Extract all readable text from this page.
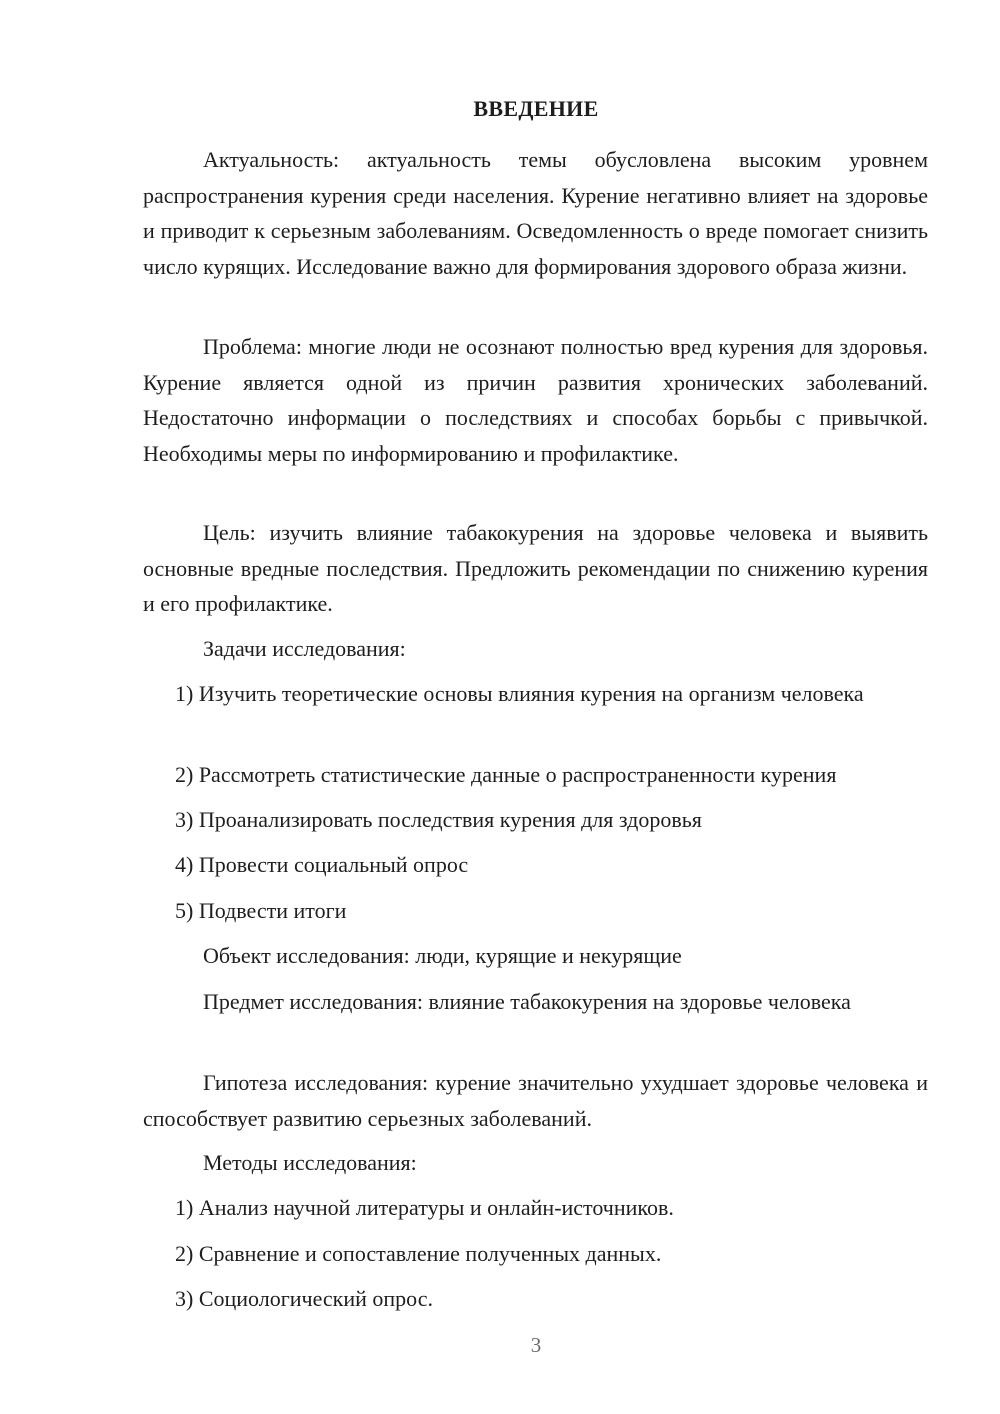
ВВЕДЕНИЕ

Актуальность: актуальность темы обусловлена высоким уровнем распространения курения среди населения. Курение негативно влияет на здоровье и приводит к серьезным заболеваниям. Осведомленность о вреде помогает снизить число курящих. Исследование важно для формирования здорового образа жизни.

Проблема: многие люди не осознают полностью вред курения для здоровья. Курение является одной из причин развития хронических заболеваний. Недостаточно информации о последствиях и способах борьбы с привычкой. Необходимы меры по информированию и профилактике.

Цель: изучить влияние табакокурения на здоровье человека и выявить основные вредные последствия. Предложить рекомендации по снижению курения и его профилактике.

Задачи исследования:

1) Изучить теоретические основы влияния курения на организм человека

2) Рассмотреть статистические данные о распространенности курения

3) Проанализировать последствия курения для здоровья

4) Провести социальный опрос

5) Подвести итоги

Объект исследования: люди, курящие и некурящие

Предмет исследования: влияние табакокурения на здоровье человека

Гипотеза исследования: курение значительно ухудшает здоровье человека и способствует развитию серьезных заболеваний.

Методы исследования:

1) Анализ научной литературы и онлайн-источников.

2) Сравнение и сопоставление полученных данных.

3) Социологический опрос.

3
